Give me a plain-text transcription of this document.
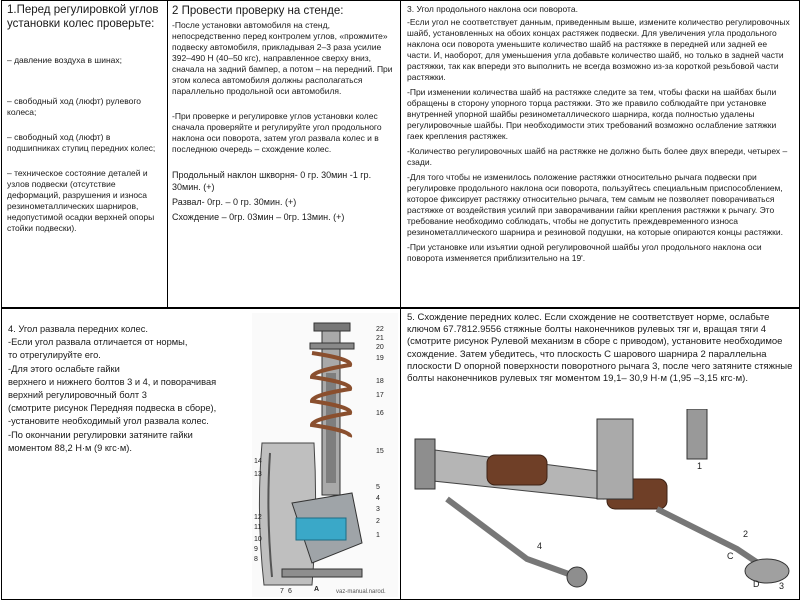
1.Перед регулировкой углов установки колес проверьте:

– давление воздуха в шинах;

– свободный ход (люфт) рулевого колеса;

– свободный ход (люфт) в подшипниках ступиц передних колес;

– техническое состояние деталей и узлов подвески (отсутствие деформаций, разрушения и износа резинометаллических шарниров, недопустимой осадки верхней опоры стойки подвески).

2 Провести проверку на стенде:

-После установки автомобиля на стенд, непосредственно перед контролем углов, «прожмите» подвеску автомобиля, прикладывая 2–3 раза усилие 392–490 Н (40–50 кгс), направленное сверху вниз, сначала на задний бампер, а потом – на передний. При этом колеса автомобиля должны располагаться параллельно продольной оси автомобиля.

-При проверке и регулировке углов установки колес сначала проверяйте и регулируйте угол продольного наклона оси поворота, затем угол развала колес и в последнюю очередь – схождение колес.

Продольный наклон шкворня- 0 гр. 30мин -1 гр. 30мин. (+)

Развал- 0гр. – 0 гр. 30мин. (+)

Схождение – 0гр. 03мин – 0гр. 13мин. (+)

3. Угол продольного наклона оси поворота.

-Если угол не соответствует данным, приведенным выше, измените количество регулировочных шайб, установленных на обоих концах растяжек подвески. Для увеличения угла продольного наклона оси поворота уменьшите количество шайб на растяжке в передней или задней ее части. И, наоборот, для уменьшения угла добавьте количество шайб, но только в задней части растяжки, так как впереди это выполнить не всегда возможно из-за короткой резьбовой части растяжки.

-При изменении количества шайб на растяжке следите за тем, чтобы фаски на шайбах были обращены в сторону упорного торца растяжки. Это же правило соблюдайте при установке внутренней упорной шайбы резинометаллического шарнира, когда полностью удалены регулировочные шайбы. При необходимости этих требований возможно ослабление затяжки гаек крепления растяжек.

-Количество регулировочных шайб на растяжке не должно быть более двух впереди, четырех – сзади.

-Для того чтобы не изменилось положение растяжки относительно рычага подвески при регулировке продольного наклона оси поворота, пользуйтесь специальным приспособлением, которое фиксирует растяжку относительно рычага, тем самым не позволяет поворачиваться растяжке от воздействия усилий при заворачивании гайки крепления растяжки к рычагу. Это требование необходимо соблюдать, чтобы не допустить преждевременного износа резинометаллического шарнира и резиновой подушки, на которые опираются концы растяжки.

-При установке или изъятии одной регулировочной шайбы угол продольного наклона оси поворота изменяется приблизительно на 19'.

4. Угол развала передних колес.

-Если угол развала отличается от нормы,

то отрегулируйте его.

-Для этого ослабьте гайки

верхнего и нижнего болтов 3 и 4, и поворачивая

верхний регулировочный болт 3

(смотрите рисунок Передняя подвеска в сборе),

-установите необходимый угол развала колес.

-По окончании регулировки затяните гайки

моментом 88,2 Н·м (9 кгс·м).

22
21
20
19
18
17
16
15
14
13
12
11
10
9
8
7 6
5
4
3
2
1
A	vaz-manual.narod.

5. Схождение передних колес. Если схождение не соответствует норме, ослабьте ключом 67.7812.9556 стяжные болты наконечников рулевых тяг и, вращая тяги 4 (смотрите рисунок Рулевой механизм в сборе с приводом), установите необходимое схождение. Затем убедитесь, что плоскость С шарового шарнира 2 параллельна плоскости D опорной поверхности поворотного рычага 3, после чего затяните стяжные болты наконечников рулевых тяг моментом 19,1– 30,9 Н·м (1,95 –3,15 кгс·м).

1
2
3
4
C
D
